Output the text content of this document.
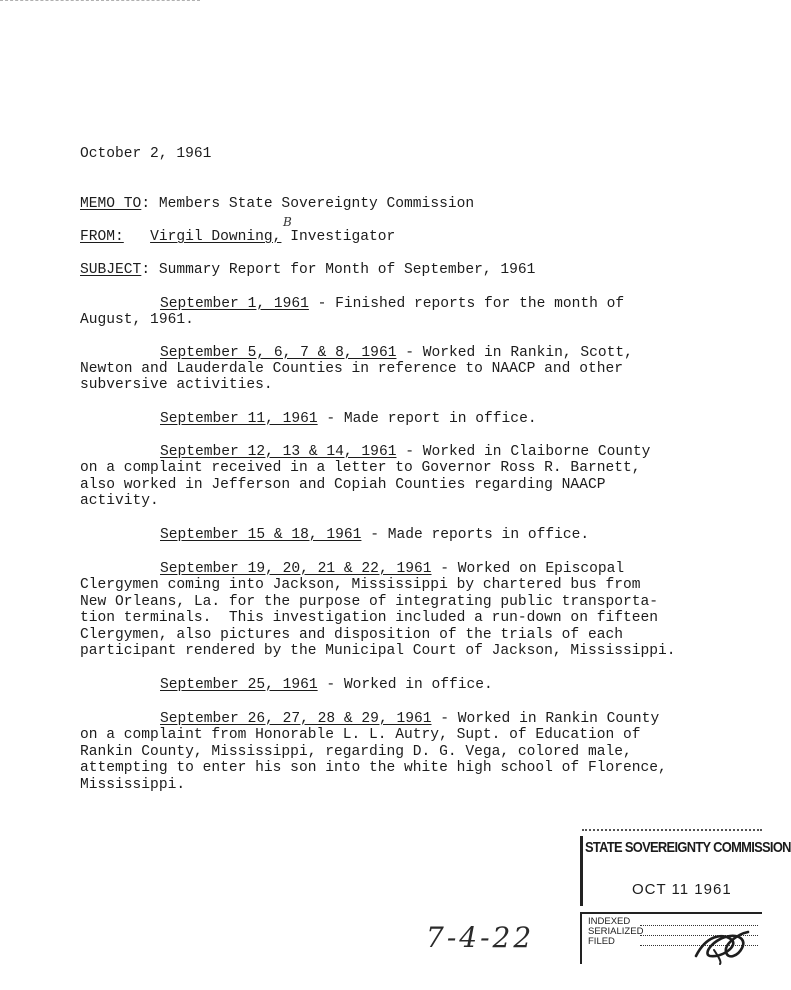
October 2, 1961
MEMO TO: Members State Sovereignty Commission
FROM: Virgil Downing, Investigator
B
SUBJECT: Summary Report for Month of September, 1961
September 1, 1961 - Finished reports for the month of
August, 1961.
September 5, 6, 7 & 8, 1961 - Worked in Rankin, Scott,
Newton and Lauderdale Counties in reference to NAACP and other
subversive activities.
September 11, 1961 - Made report in office.
September 12, 13 & 14, 1961 - Worked in Claiborne County
on a complaint received in a letter to Governor Ross R. Barnett,
also worked in Jefferson and Copiah Counties regarding NAACP
activity.
September 15 & 18, 1961 - Made reports in office.
September 19, 20, 21 & 22, 1961 - Worked on Episcopal
Clergymen coming into Jackson, Mississippi by chartered bus from
New Orleans, La. for the purpose of integrating public transporta-
tion terminals.  This investigation included a run-down on fifteen
Clergymen, also pictures and disposition of the trials of each
participant rendered by the Municipal Court of Jackson, Mississippi.
September 25, 1961 - Worked in office.
September 26, 27, 28 & 29, 1961 - Worked in Rankin County
on a complaint from Honorable L. L. Autry, Supt. of Education of
Rankin County, Mississippi, regarding D. G. Vega, colored male,
attempting to enter his son into the white high school of Florence,
Mississippi.
STATE SOVEREIGNTY COMMISSION
OCT 11 1961
INDEXED
SERIALIZED
FILED
7-4-22
